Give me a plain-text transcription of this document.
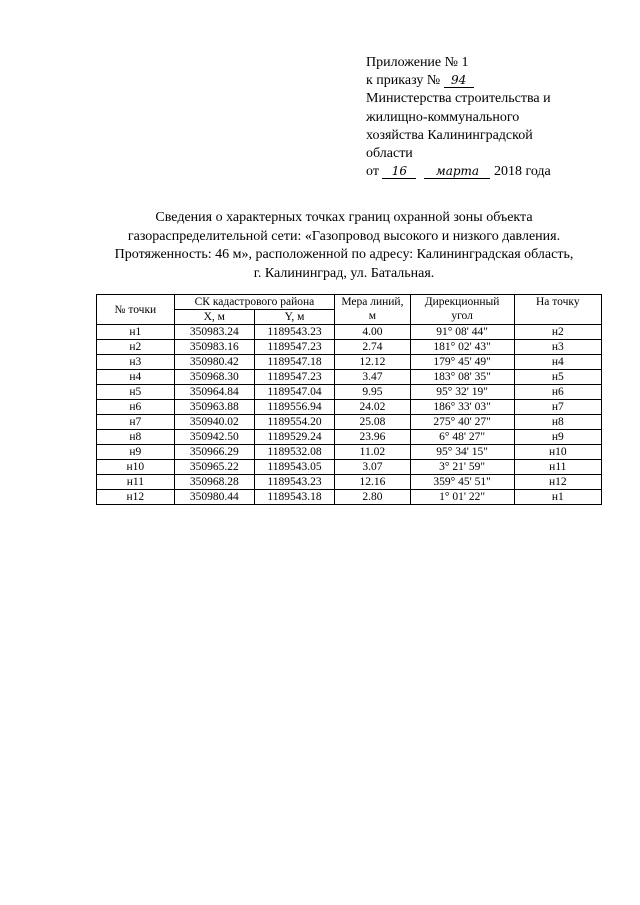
Приложение № 1
к приказу № 94
Министерства строительства и
жилищно-коммунального
хозяйства Калининградской
области
от 16 марта 2018 года
Сведения о характерных точках границ охранной зоны объекта
газораспределительной сети: «Газопровод высокого и низкого давления.
Протяженность: 46 м», расположенной по адресу: Калининградская область,
г. Калининград, ул. Батальная.
№ точки	СК кадастрового района		Мера линий, м	Дирекционный угол	На точку
	X, м	Y, м			
н1	350983.24	1189543.23	4.00	91° 08' 44"	н2
н2	350983.16	1189547.23	2.74	181° 02' 43"	н3
н3	350980.42	1189547.18	12.12	179° 45' 49"	н4
н4	350968.30	1189547.23	3.47	183° 08' 35"	н5
н5	350964.84	1189547.04	9.95	95° 32' 19"	н6
н6	350963.88	1189556.94	24.02	186° 33' 03"	н7
н7	350940.02	1189554.20	25.08	275° 40' 27"	н8
н8	350942.50	1189529.24	23.96	6° 48' 27"	н9
н9	350966.29	1189532.08	11.02	95° 34' 15"	н10
н10	350965.22	1189543.05	3.07	3° 21' 59"	н11
н11	350968.28	1189543.23	12.16	359° 45' 51"	н12
н12	350980.44	1189543.18	2.80	1° 01' 22"	н1
